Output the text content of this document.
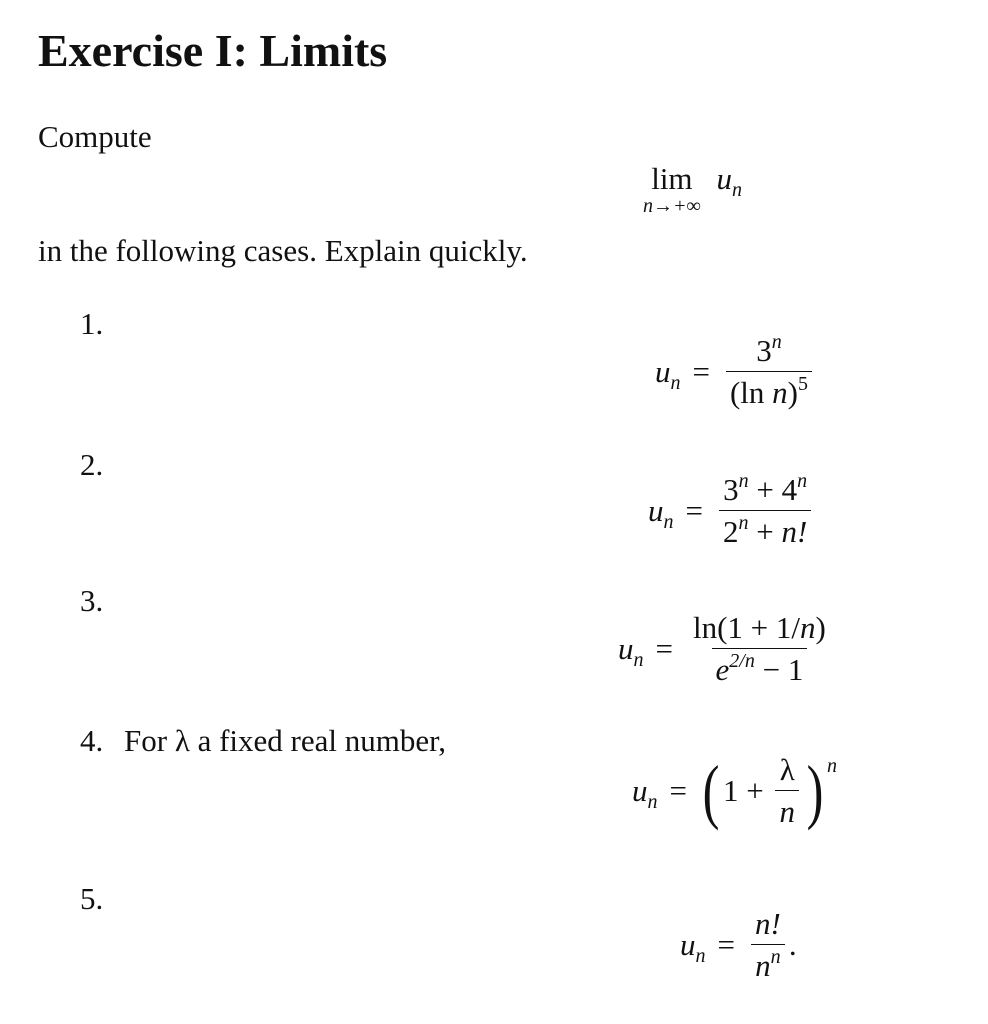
Exercise I: Limits
Compute
lim
n→+∞
$u_n$
in the following cases. Explain quickly.
1.
2.
3.
4. For λ a fixed real number,
5.
$u_n = \frac{3^n}{(\ln n)^5}$
$u_n = \frac{3^n + 4^n}{2^n + n!}$
$u_n = \frac{\ln(1 + 1/n)}{e^{2/n} - 1}$
$u_n$ = ( $1 + \frac{\lambda}{n}$ ) n
$u_n = \frac{n!}{n^n}$ .
